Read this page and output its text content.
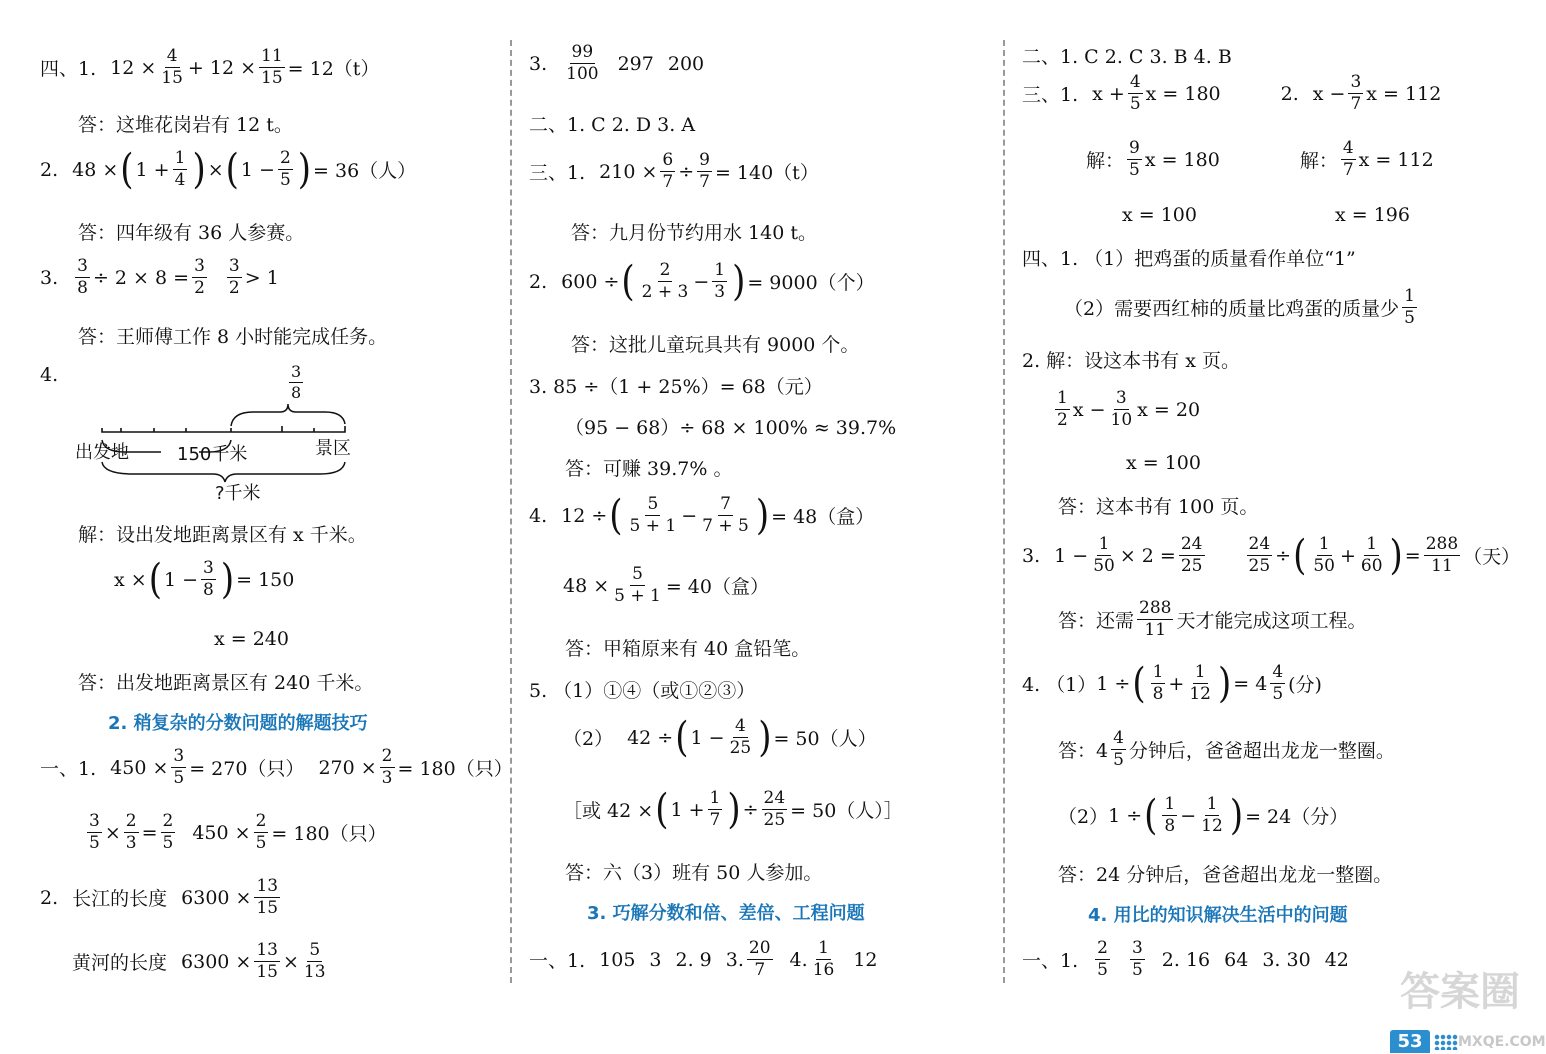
四、1. $12 \times \frac{4}{15} + 12 \times \frac{11}{15} = 12(t)$
答：这堆花岗岩有 12 t。
2. 48 × ( $1 + \frac{1}{4}$ ) × ( $1 - \frac{2}{5}$ ) = 36（人）
答：四年级有 36 人参赛。
3. $\frac{3}{8} \div 2 \times 8 = \frac{3}{2} 3$
2 > 1
答：王师傅工作 8 小时能完成任务。
4.	3
8
出发地	150千米	景区
?千米
解：设出发地距离景区有 x 千米。
x × ( $1 - \frac{3}{8}$ ) = 150
x = 240
答：出发地距离景区有 240 千米。
2. 稍复杂的分数问题的解题技巧
一、1. $450 \times \frac{3}{5} = 270$（只） $270 \times \frac{2}{3} = 180$（只）
$\frac{3}{5} \times \frac{2}{3} = \frac{2}{5} 450 \times \frac{2}{5} = 180$（只）
2. 长江的长度 $6300 \times \frac{13}{15}$
黄河的长度 $6300 \times \frac{13}{15} \times \frac{5}{13}$
3.
99
100 297 200
二、1. C 2. D 3. A
三、1. $210 \times \frac{6}{7} \div \frac{9}{7} = 140(t)$
答：九月份节约用水 140 t。
2. 600 ÷ ( 2
$2 + 3 - \frac{1}{3}$ ) = 9000（个）
答：这批儿童玩具共有 9000 个。
3. 85 ÷（1 + 25%）= 68（元）
（95 − 68）÷ 68 × 100% ≈ 39.7%
答：可赚 39.7% 。
4. 12 ÷ ( 5
$5 + 1 - \frac{7}{7 + 5}$ ) = 48（盒）
$48 \times \frac{5}{5 + 1} = 40$（盒）
答：甲箱原来有 40 盒铅笔。
5. （1）①④（或①②③）
（2） 42 ÷ ( $1 - \frac{4}{25}$ ) = 50（人）
［或 42 × ( $1 + \frac{1}{7}$ ) ÷ $\frac{24}{25} = 50$（人）］
答：六（3）班有 50 人参加。
3. 巧解分数和倍、差倍、工程问题
一、1. 105 3 2. 9 3.
20
7 4.
1
16 12
二、1. C 2. C 3. B 4. B
三、1. $x + \frac{4}{5}$ x = 180	2. $x - \frac{3}{7}$ x = 112
解：
9
5 x = 180	解：
4
7 x = 112
x = 100	x = 196
四、1. （1）把鸡蛋的质量看作单位“1”
（2）需要西红柿的质量比鸡蛋的质量少
1
5
2. 解：设这本书有 x 页。
1
2 $x - \frac{3}{10}$ x = 20
x = 100
答：这本书有 100 页。
3. $1 - \frac{1}{50} \times 2 = \frac{24}{25} \frac{24}{25}$ ÷ ( 1
$50 + \frac{1}{60}$ ) = $\frac{288}{11}$ （天）
答：还需
288
11 天才能完成这项工程。
4. （1） 1 ÷ ( 1
$8 + \frac{1}{12}$ ) = 4
4
5 (分)
答：4
4
5 分钟后，爸爸超出龙龙一整圈。
（2） 1 ÷ ( 1
$8 - \frac{1}{12}$ ) = 24（分）
答：24 分钟后，爸爸超出龙龙一整圈。
4. 用比的知识解决生活中的问题
一、1.
2
5
3
5 2. 16 64 3. 30 42
53
答案圈
MXQE.COM
